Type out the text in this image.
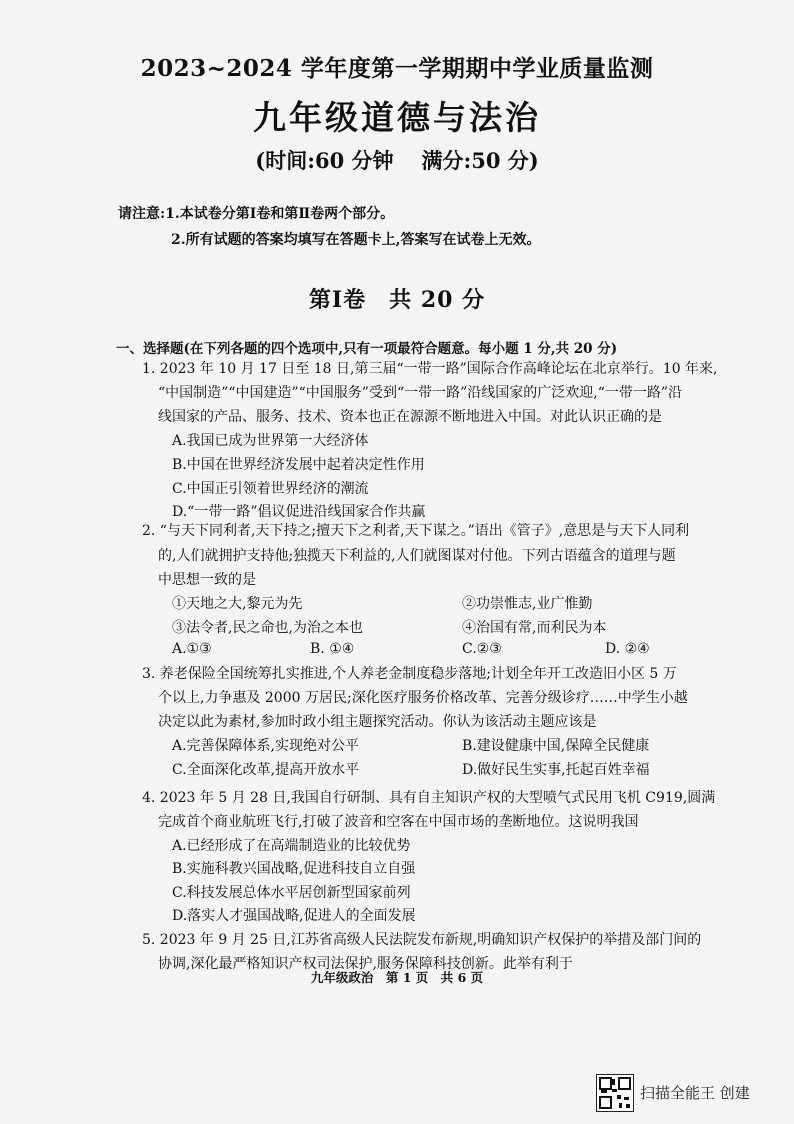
2023~2024 学年度第一学期期中学业质量监测
九年级道德与法治
(时间:60 分钟 满分:50 分)
请注意:1.本试卷分第Ⅰ卷和第Ⅱ卷两个部分。
2.所有试题的答案均填写在答题卡上,答案写在试卷上无效。
第Ⅰ卷　共 20 分
一、选择题(在下列各题的四个选项中,只有一项最符合题意。每小题 1 分,共 20 分)
1. 2023 年 10 月 17 日至 18 日,第三届“一带一路”国际合作高峰论坛在北京举行。10 年来,
“中国制造”“中国建造”“中国服务”受到“一带一路”沿线国家的广泛欢迎,“一带一路”沿
线国家的产品、服务、技术、资本也正在源源不断地进入中国。对此认识正确的是
A.我国已成为世界第一大经济体
B.中国在世界经济发展中起着决定性作用
C.中国正引领着世界经济的潮流
D.“一带一路”倡议促进沿线国家合作共赢
2. “与天下同利者,天下持之;擅天下之利者,天下谋之。”语出《管子》,意思是与天下人同利
的,人们就拥护支持他;独揽天下利益的,人们就图谋对付他。下列古语蕴含的道理与题
中思想一致的是
①天地之大,黎元为先	②功崇惟志,业广惟勤
③法令者,民之命也,为治之本也	④治国有常,而利民为本
A.①③	B. ①④	C.②③	D. ②④
3. 养老保险全国统筹扎实推进,个人养老金制度稳步落地;计划全年开工改造旧小区 5 万
个以上,力争惠及 2000 万居民;深化医疗服务价格改革、完善分级诊疗……中学生小越
决定以此为素材,参加时政小组主题探究活动。你认为该活动主题应该是
A.完善保障体系,实现绝对公平	B.建设健康中国,保障全民健康
C.全面深化改革,提高开放水平	D.做好民生实事,托起百姓幸福
4. 2023 年 5 月 28 日,我国自行研制、具有自主知识产权的大型喷气式民用飞机 C919,圆满
完成首个商业航班飞行,打破了波音和空客在中国市场的垄断地位。这说明我国
A.已经形成了在高端制造业的比较优势
B.实施科教兴国战略,促进科技自立自强
C.科技发展总体水平居创新型国家前列
D.落实人才强国战略,促进人的全面发展
5. 2023 年 9 月 25 日,江苏省高级人民法院发布新规,明确知识产权保护的举措及部门间的
协调,深化最严格知识产权司法保护,服务保障科技创新。此举有利于
九年级政治　第 1 页　共 6 页
扫描全能王 创建
